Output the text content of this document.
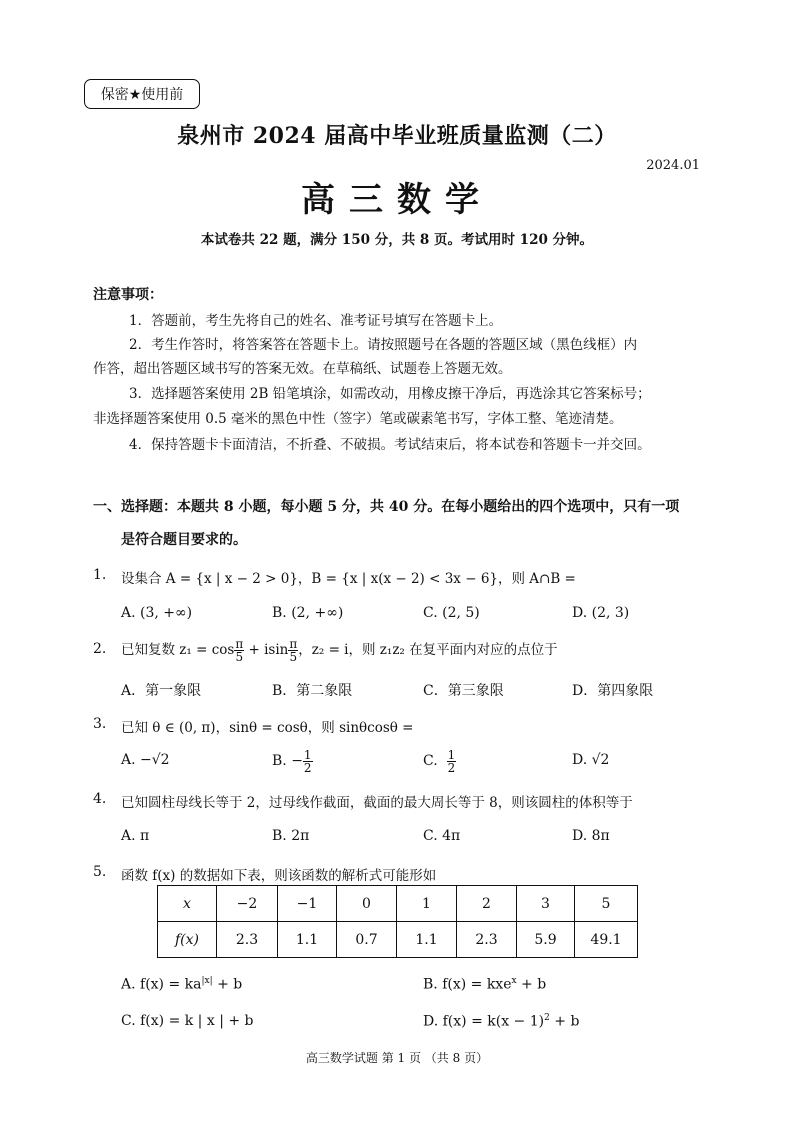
保密★使用前
泉州市 2024 届高中毕业班质量监测（二）
2024.01
高三数学
本试卷共 22 题，满分 150 分，共 8 页。考试用时 120 分钟。
注意事项：
1．答题前，考生先将自己的姓名、准考证号填写在答题卡上。
2．考生作答时，将答案答在答题卡上。请按照题号在各题的答题区域（黑色线框）内
作答，超出答题区域书写的答案无效。在草稿纸、试题卷上答题无效。
3．选择题答案使用 2B 铅笔填涂，如需改动，用橡皮擦干净后，再选涂其它答案标号；
非选择题答案使用 0.5 毫米的黑色中性（签字）笔或碳素笔书写，字体工整、笔迹清楚。
4．保持答题卡卡面清洁，不折叠、不破损。考试结束后，将本试卷和答题卡一并交回。
一、选择题：本题共 8 小题，每小题 5 分，共 40 分。在每小题给出的四个选项中，只有一项
是符合题目要求的。
1. 设集合 A = {x | x − 2 > 0}，B = {x | x(x − 2) < 3x − 6}，则 A∩B =
A. (3, +∞)	B. (2, +∞)	C. (2, 5)	D. (2, 3)
2. 已知复数 $z_1 = \cos \frac{\pi}{5} + isin \frac{\pi}{5}$ ，z₂ = i，则 z₁z₂ 在复平面内对应的点位于
A．第一象限	B．第二象限	C．第三象限	D．第四象限
3. 已知 θ ∈ (0, π)，sinθ = cosθ，则 sinθcosθ =
A. −√2	B. − $\frac{1}{2}$	C. $\frac{1}{2}$	D. √2
4. 已知圆柱母线长等于 2，过母线作截面，截面的最大周长等于 8，则该圆柱的体积等于
A. π	B. 2π	C. 4π	D. 8π
5. 函数 f(x) 的数据如下表，则该函数的解析式可能形如
x	−2	−1	0	1	2	3	5
f(x)	2.3	1.1	0.7	1.1	2.3	5.9	49.1
A. $f(x) = ka^{|x|} + b$	B. f(x) = kxe$^x$ + b
C. f(x) = k | x | + b	D. $f(x) = k(x - 1)^2 + b$
高三数学试题 第 1 页 （共 8 页）
